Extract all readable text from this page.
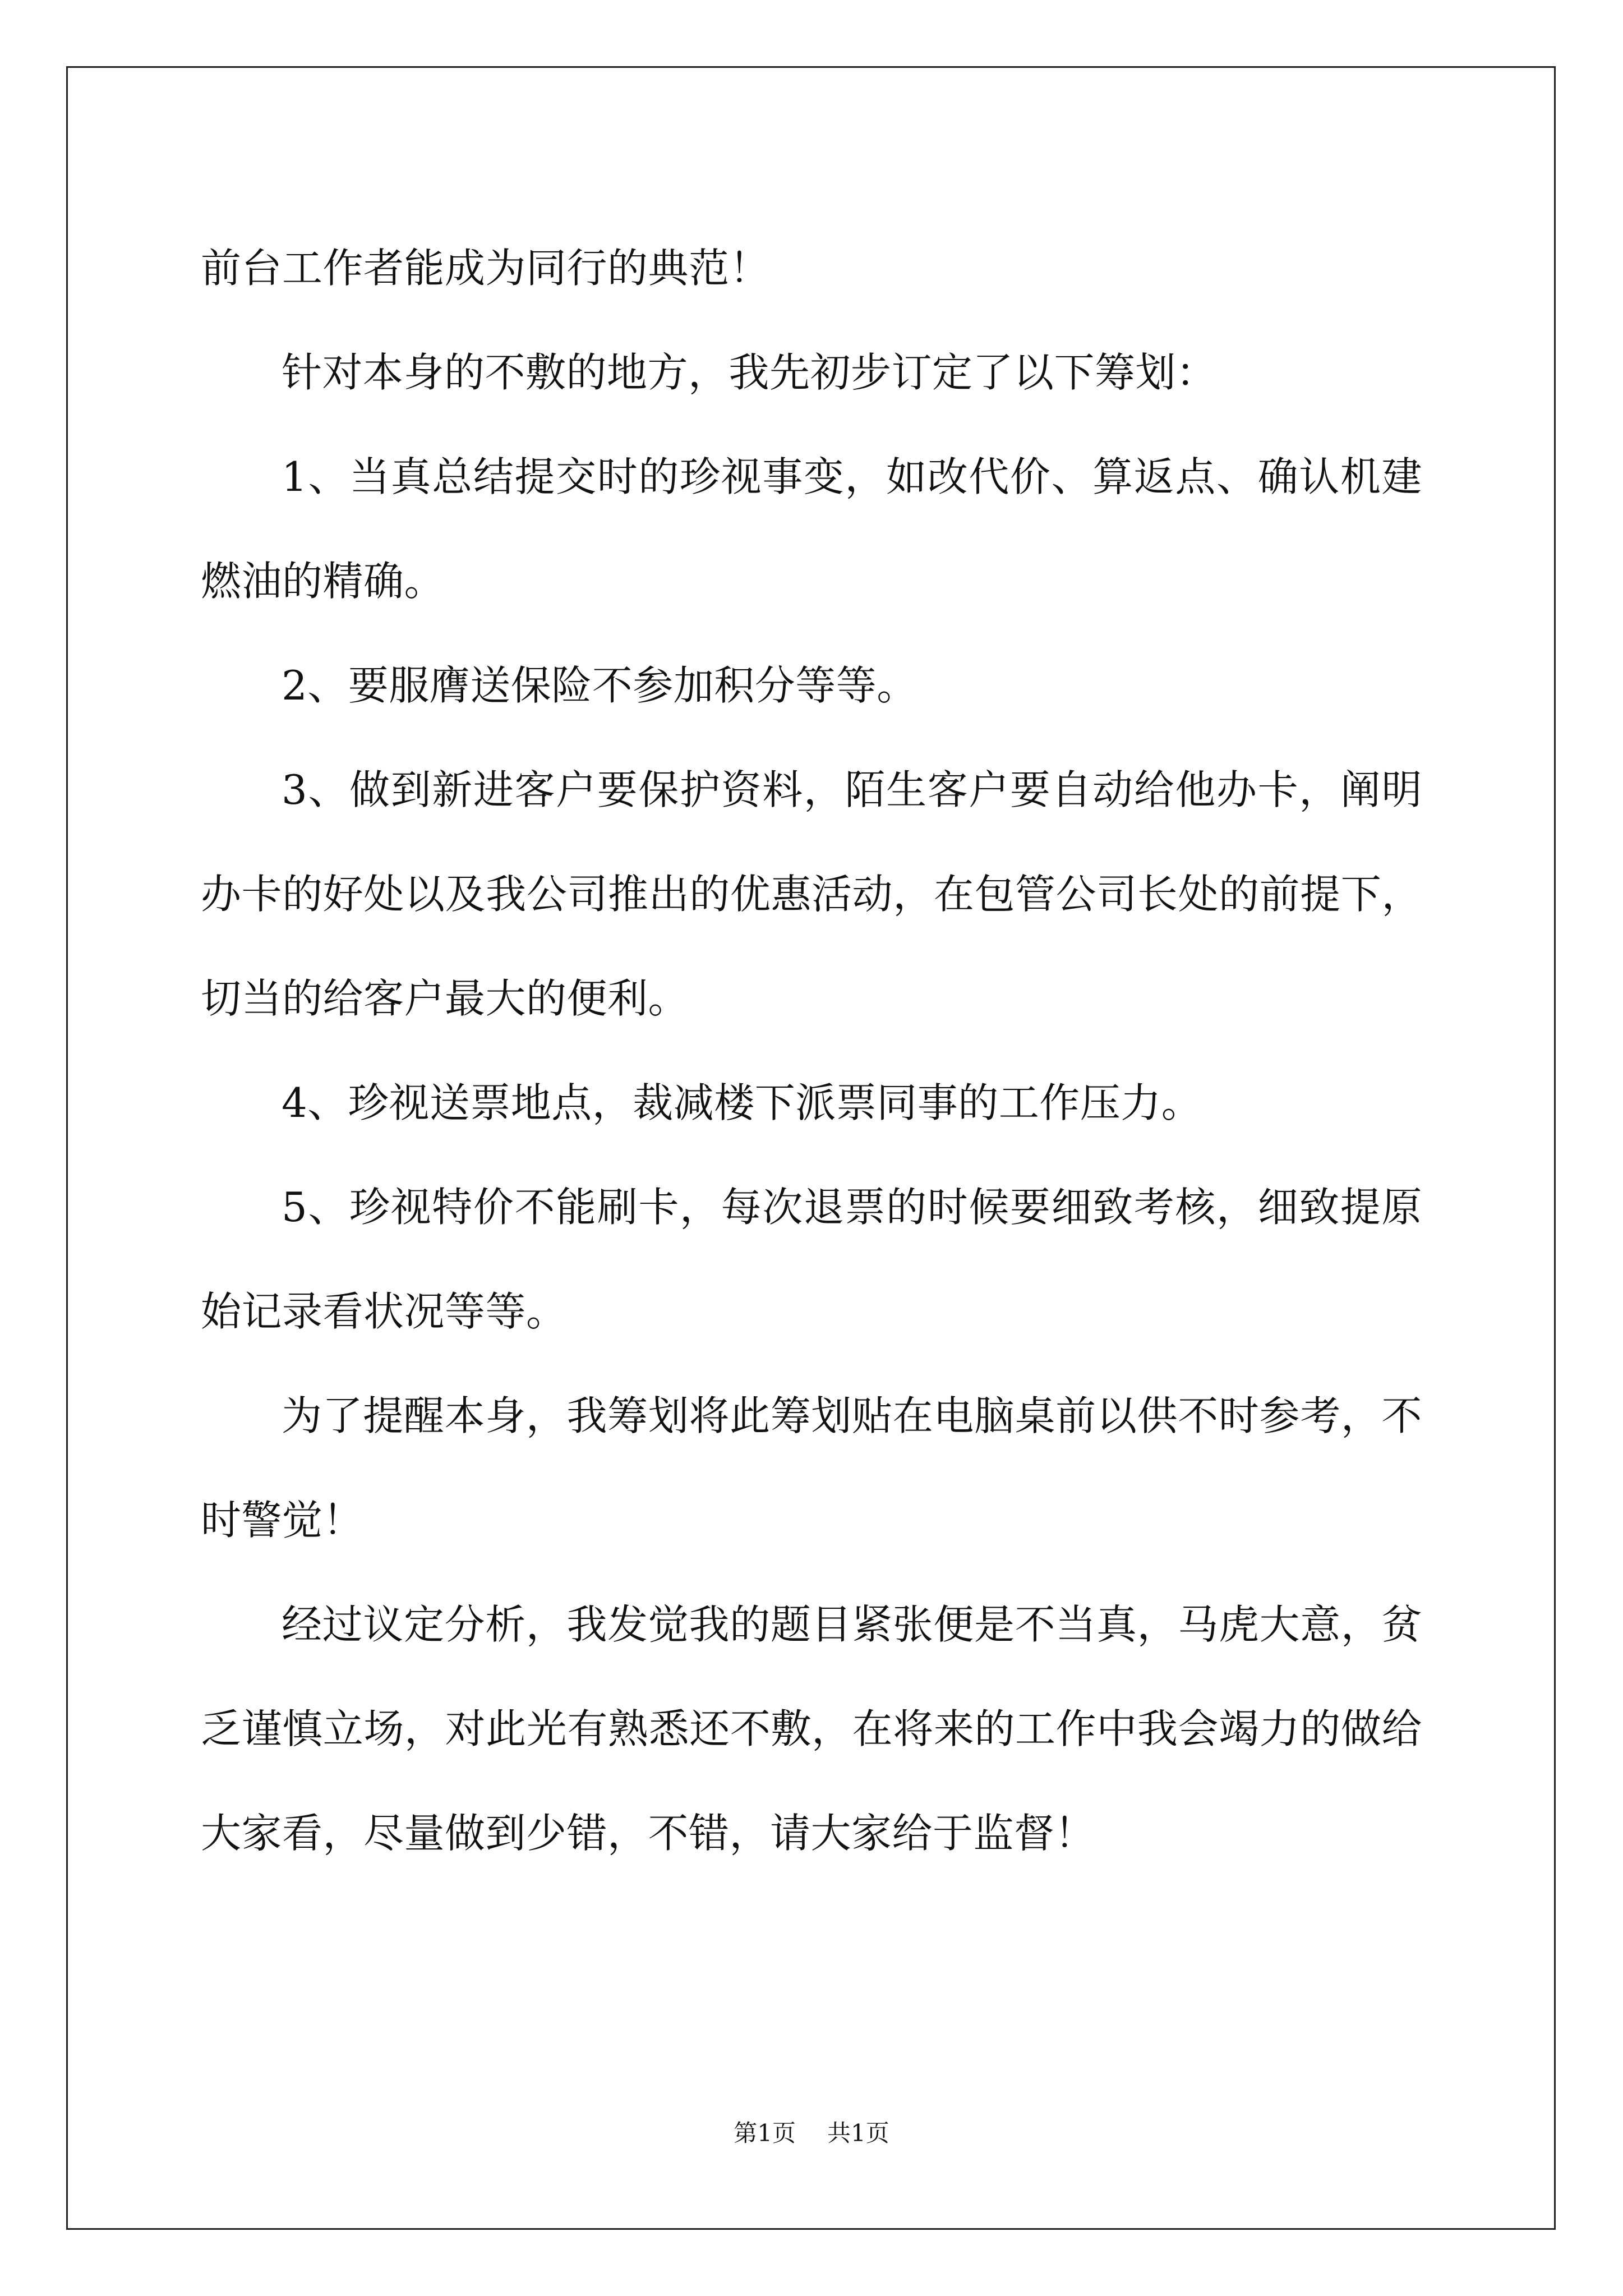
前台工作者能成为同行的典范！

针对本身的不敷的地方，我先初步订定了以下筹划：

1、当真总结提交时的珍视事变，如改代价、算返点、确认机建燃油的精确。

2、要服膺送保险不参加积分等等。

3、做到新进客户要保护资料，陌生客户要自动给他办卡，阐明办卡的好处以及我公司推出的优惠活动，在包管公司长处的前提下，切当的给客户最大的便利。

4、珍视送票地点，裁减楼下派票同事的工作压力。

5、珍视特价不能刷卡，每次退票的时候要细致考核，细致提原始记录看状况等等。

为了提醒本身，我筹划将此筹划贴在电脑桌前以供不时参考，不时警觉！

经过议定分析，我发觉我的题目紧张便是不当真，马虎大意，贫乏谨慎立场，对此光有熟悉还不敷，在将来的工作中我会竭力的做给大家看，尽量做到少错，不错，请大家给于监督！

第1页 共1页
